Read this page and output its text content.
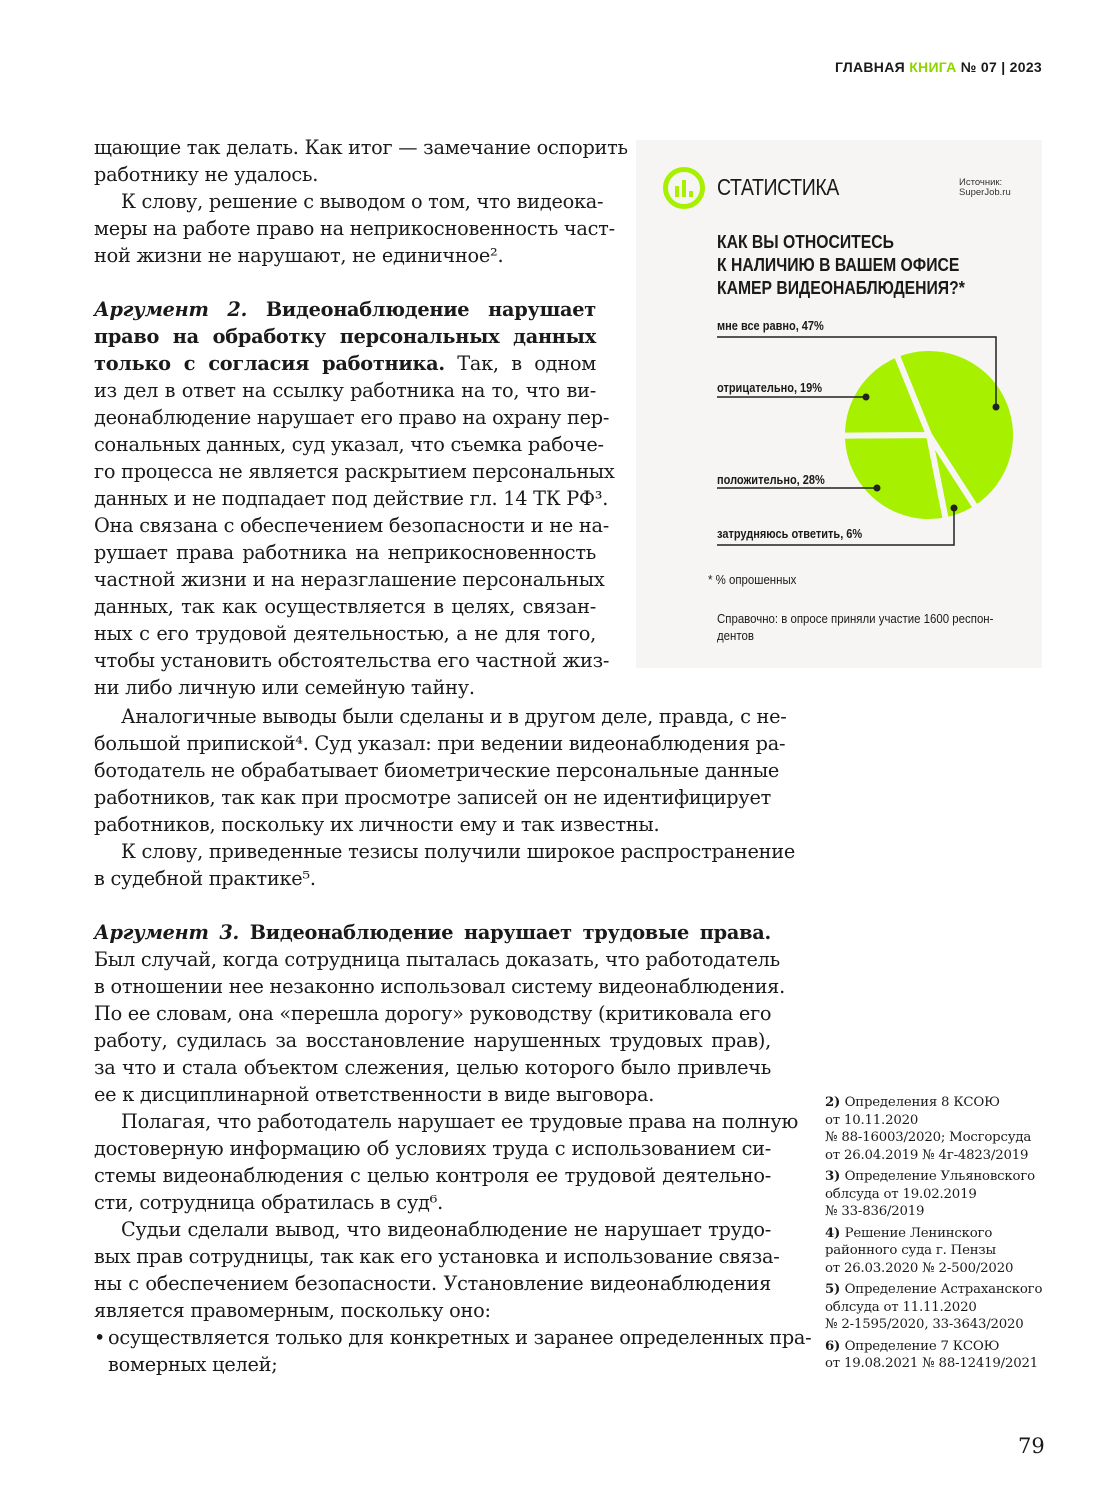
ГЛАВНАЯ КНИГА № 07 | 2023
щающие так делать. Как итог — замечание оспорить
работнику не удалось.
К слову, решение с выводом о том, что видеока-
меры на работе право на неприкосновенность част-
ной жизни не нарушают, не единичное².
Аргумент 2. Видеонаблюдение нарушает
право на обработку персональных данных
только с согласия работника. Так, в одном
из дел в ответ на ссылку работника на то, что ви-
деонаблюдение нарушает его право на охрану пер-
сональных данных, суд указал, что съемка рабоче-
го процесса не является раскрытием персональных
данных и не подпадает под действие гл. 14 ТК РФ³.
Она связана с обеспечением безопасности и не на-
рушает права работника на неприкосновенность
частной жизни и на неразглашение персональных
данных, так как осуществляется в целях, связан-
ных с его трудовой деятельностью, а не для того,
чтобы установить обстоятельства его частной жиз-
ни либо личную или семейную тайну.
Аналогичные выводы были сделаны и в другом деле, правда, с не-
большой припиской⁴. Суд указал: при ведении видеонаблюдения ра-
ботодатель не обрабатывает биометрические персональные данные
работников, так как при просмотре записей он не идентифицирует
работников, поскольку их личности ему и так известны.
К слову, приведенные тезисы получили широкое распространение
в судебной практике⁵.
Аргумент 3. Видеонаблюдение нарушает трудовые права.
Был случай, когда сотрудница пыталась доказать, что работодатель
в отношении нее незаконно использовал систему видеонаблюдения.
По ее словам, она «перешла дорогу» руководству (критиковала его
работу, судилась за восстановление нарушенных трудовых прав),
за что и стала объектом слежения, целью которого было привлечь
ее к дисциплинарной ответственности в виде выговора.
Полагая, что работодатель нарушает ее трудовые права на полную
достоверную информацию об условиях труда с использованием си-
стемы видеонаблюдения с целью контроля ее трудовой деятельно-
сти, сотрудница обратилась в суд⁶.
Судьи сделали вывод, что видеонаблюдение не нарушает трудо-
вых прав сотрудницы, так как его установка и использование связа-
ны с обеспечением безопасности. Установление видеонаблюдения
является правомерным, поскольку оно:
• осуществляется только для конкретных и заранее определенных пра-
вомерных целей;
СТАТИСТИКА	Источник:
SuperJob.ru
КАК ВЫ ОТНОСИТЕСЬ
К НАЛИЧИЮ В ВАШЕМ ОФИСЕ
КАМЕР ВИДЕОНАБЛЮДЕНИЯ?*
мне все равно, 47%
отрицательно, 19%
положительно, 28%
затрудняюсь ответить, 6%
* % опрошенных
Справочно: в опросе приняли участие 1600 респон-
дентов
2) Определения 8 КСОЮ
от 10.11.2020
№ 88-16003/2020; Мосгорсуда
от 26.04.2019 № 4г-4823/2019
3) Определение Ульяновского
облсуда от 19.02.2019
№ 33-836/2019
4) Решение Ленинского
районного суда г. Пензы
от 26.03.2020 № 2-500/2020
5) Определение Астраханского
облсуда от 11.11.2020
№ 2-1595/2020, 33-3643/2020
6) Определение 7 КСОЮ
от 19.08.2021 № 88-12419/2021
79
